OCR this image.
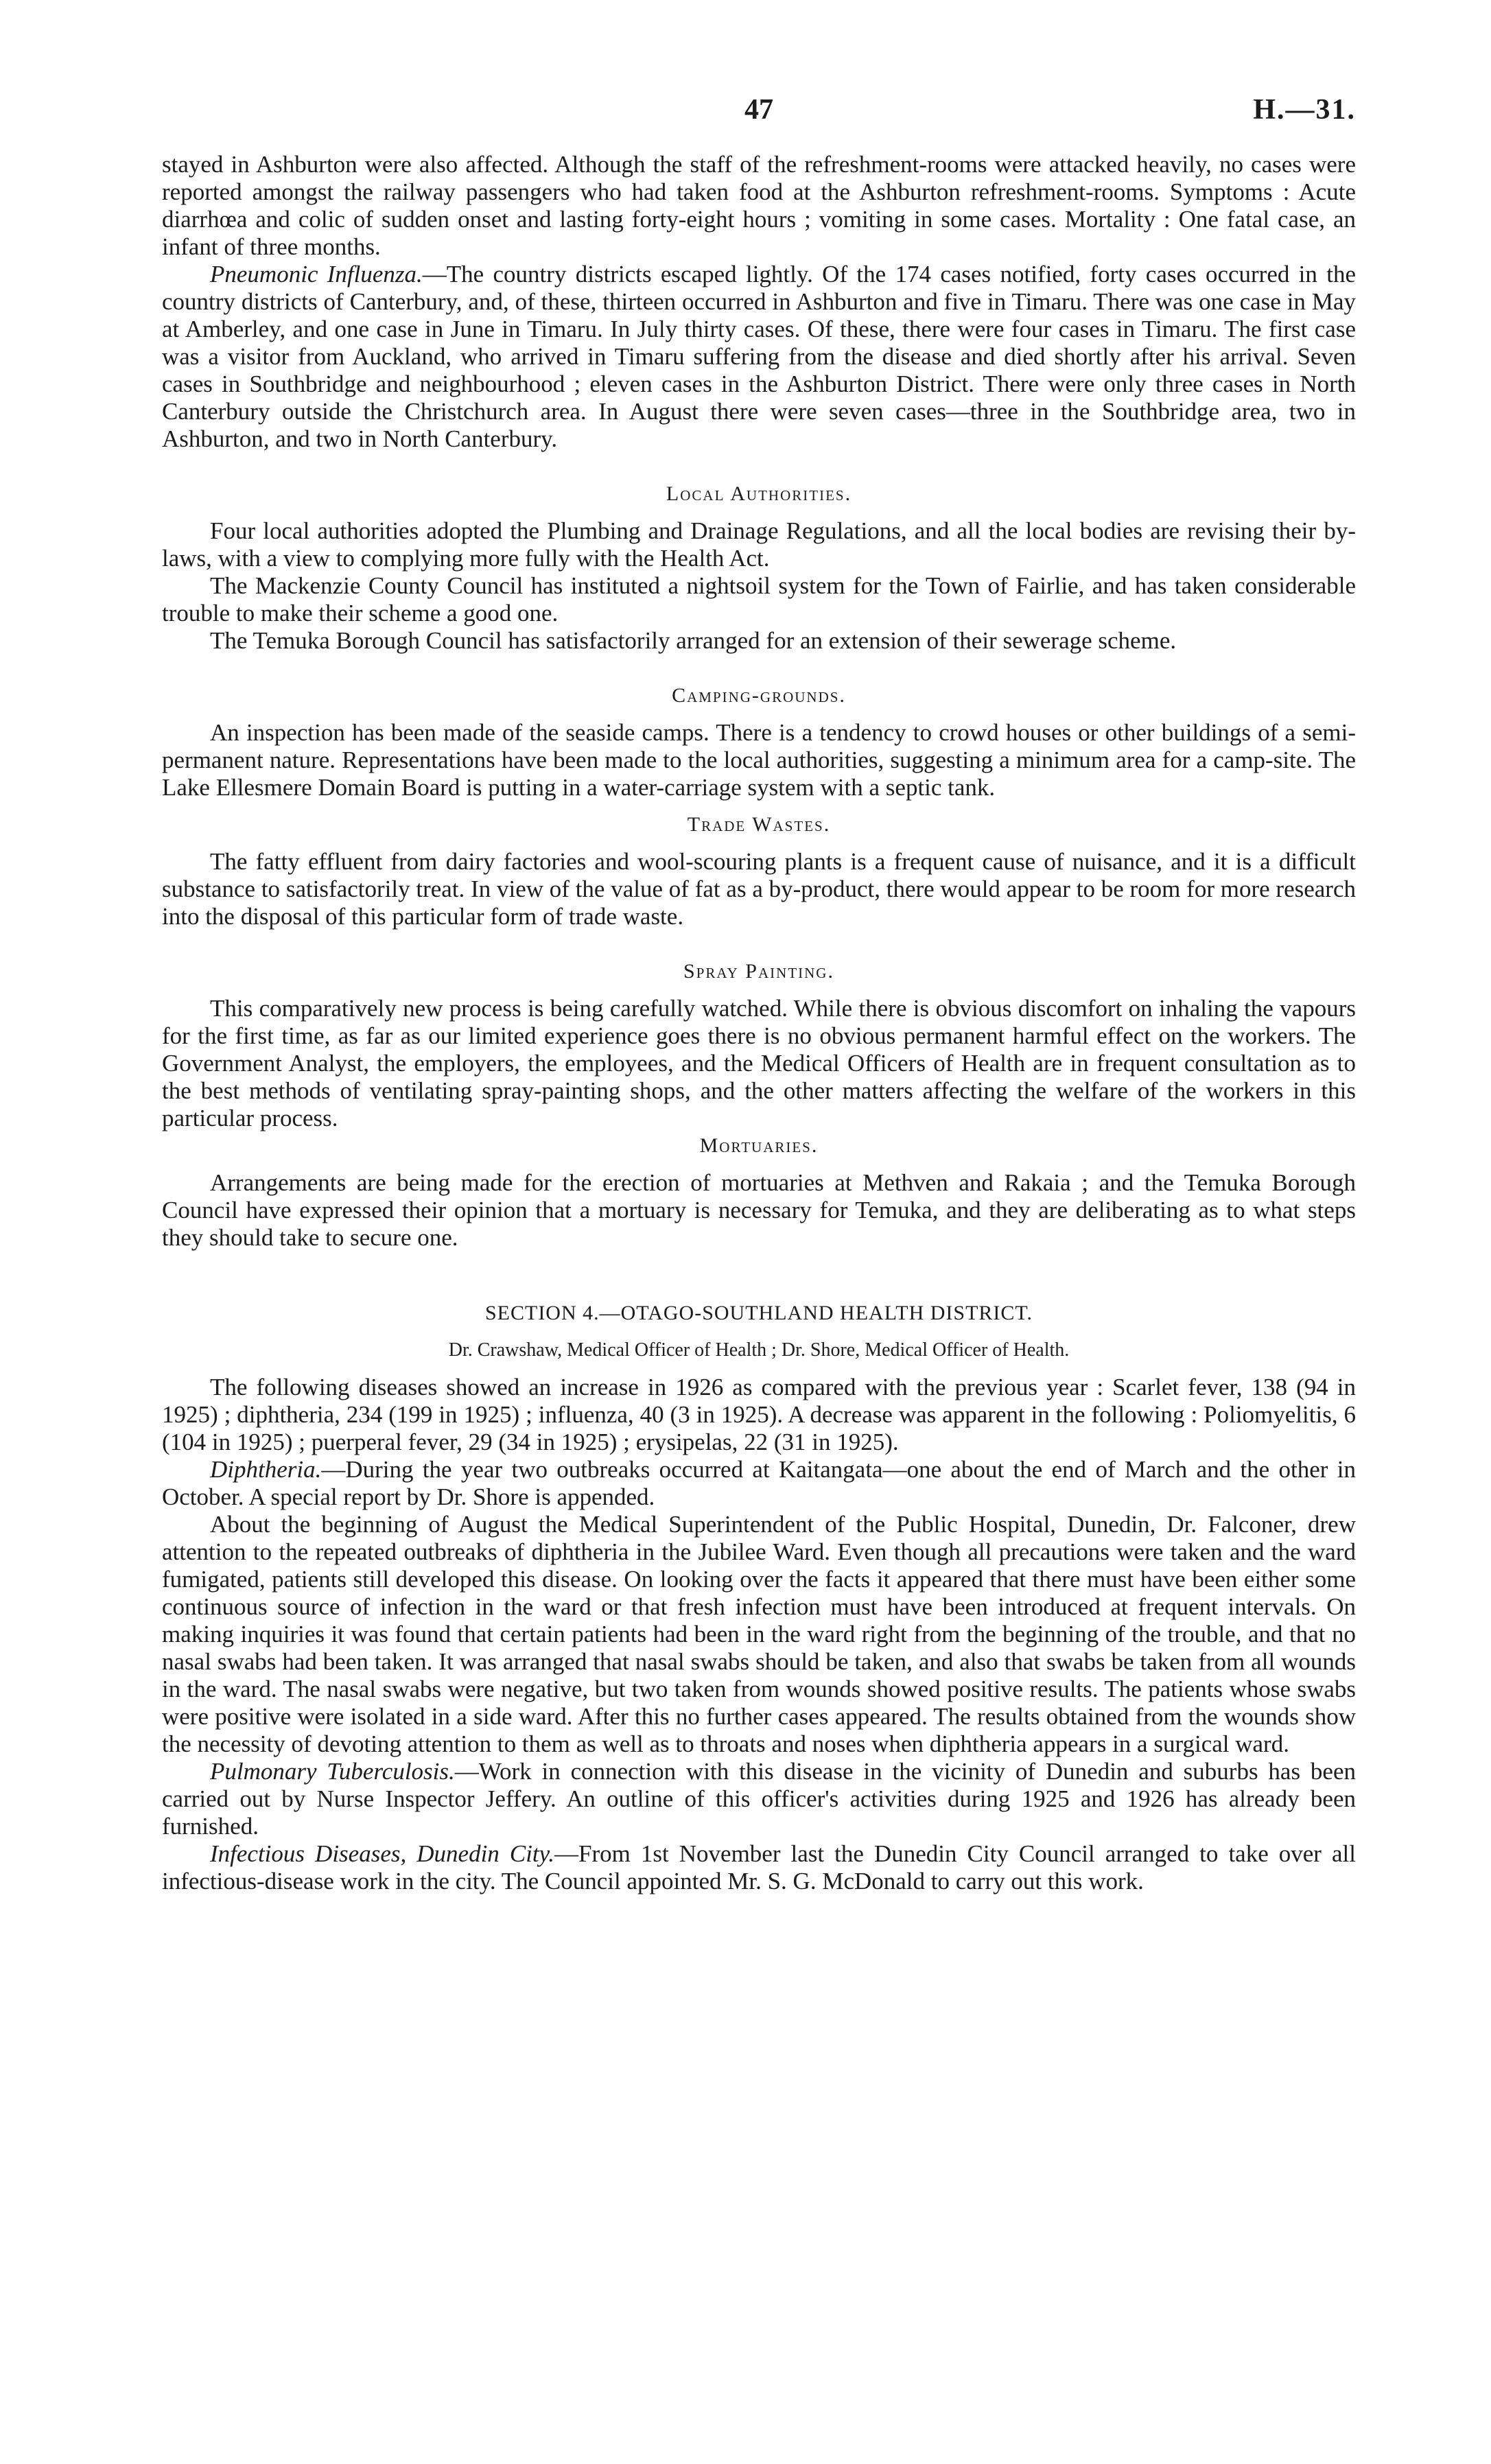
47	H.—31.

stayed in Ashburton were also affected. Although the staff of the refreshment-rooms were attacked heavily, no cases were reported amongst the railway passengers who had taken food at the Ashburton refreshment-rooms. Symptoms : Acute diarrhœa and colic of sudden onset and lasting forty-eight hours ; vomiting in some cases. Mortality : One fatal case, an infant of three months.

Pneumonic Influenza.—The country districts escaped lightly. Of the 174 cases notified, forty cases occurred in the country districts of Canterbury, and, of these, thirteen occurred in Ashburton and five in Timaru. There was one case in May at Amberley, and one case in June in Timaru. In July thirty cases. Of these, there were four cases in Timaru. The first case was a visitor from Auckland, who arrived in Timaru suffering from the disease and died shortly after his arrival. Seven cases in Southbridge and neighbourhood ; eleven cases in the Ashburton District. There were only three cases in North Canterbury outside the Christchurch area. In August there were seven cases—three in the Southbridge area, two in Ashburton, and two in North Canterbury.

Local Authorities.

Four local authorities adopted the Plumbing and Drainage Regulations, and all the local bodies are revising their by-laws, with a view to complying more fully with the Health Act.

The Mackenzie County Council has instituted a nightsoil system for the Town of Fairlie, and has taken considerable trouble to make their scheme a good one.

The Temuka Borough Council has satisfactorily arranged for an extension of their sewerage scheme.

Camping-grounds.

An inspection has been made of the seaside camps. There is a tendency to crowd houses or other buildings of a semi-permanent nature. Representations have been made to the local authorities, suggesting a minimum area for a camp-site. The Lake Ellesmere Domain Board is putting in a water-carriage system with a septic tank.

Trade Wastes.

The fatty effluent from dairy factories and wool-scouring plants is a frequent cause of nuisance, and it is a difficult substance to satisfactorily treat. In view of the value of fat as a by-product, there would appear to be room for more research into the disposal of this particular form of trade waste.

Spray Painting.

This comparatively new process is being carefully watched. While there is obvious discomfort on inhaling the vapours for the first time, as far as our limited experience goes there is no obvious permanent harmful effect on the workers. The Government Analyst, the employers, the employees, and the Medical Officers of Health are in frequent consultation as to the best methods of ventilating spray-painting shops, and the other matters affecting the welfare of the workers in this particular process.

Mortuaries.

Arrangements are being made for the erection of mortuaries at Methven and Rakaia ; and the Temuka Borough Council have expressed their opinion that a mortuary is necessary for Temuka, and they are deliberating as to what steps they should take to secure one.

SECTION 4.—OTAGO-SOUTHLAND HEALTH DISTRICT.

Dr. Crawshaw, Medical Officer of Health ; Dr. Shore, Medical Officer of Health.

The following diseases showed an increase in 1926 as compared with the previous year : Scarlet fever, 138 (94 in 1925) ; diphtheria, 234 (199 in 1925) ; influenza, 40 (3 in 1925). A decrease was apparent in the following : Poliomyelitis, 6 (104 in 1925) ; puerperal fever, 29 (34 in 1925) ; erysipelas, 22 (31 in 1925).

Diphtheria.—During the year two outbreaks occurred at Kaitangata—one about the end of March and the other in October. A special report by Dr. Shore is appended.

About the beginning of August the Medical Superintendent of the Public Hospital, Dunedin, Dr. Falconer, drew attention to the repeated outbreaks of diphtheria in the Jubilee Ward. Even though all precautions were taken and the ward fumigated, patients still developed this disease. On looking over the facts it appeared that there must have been either some continuous source of infection in the ward or that fresh infection must have been introduced at frequent intervals. On making inquiries it was found that certain patients had been in the ward right from the beginning of the trouble, and that no nasal swabs had been taken. It was arranged that nasal swabs should be taken, and also that swabs be taken from all wounds in the ward. The nasal swabs were negative, but two taken from wounds showed positive results. The patients whose swabs were positive were isolated in a side ward. After this no further cases appeared. The results obtained from the wounds show the necessity of devoting attention to them as well as to throats and noses when diphtheria appears in a surgical ward.

Pulmonary Tuberculosis.—Work in connection with this disease in the vicinity of Dunedin and suburbs has been carried out by Nurse Inspector Jeffery. An outline of this officer's activities during 1925 and 1926 has already been furnished.

Infectious Diseases, Dunedin City.—From 1st November last the Dunedin City Council arranged to take over all infectious-disease work in the city. The Council appointed Mr. S. G. McDonald to carry out this work.
